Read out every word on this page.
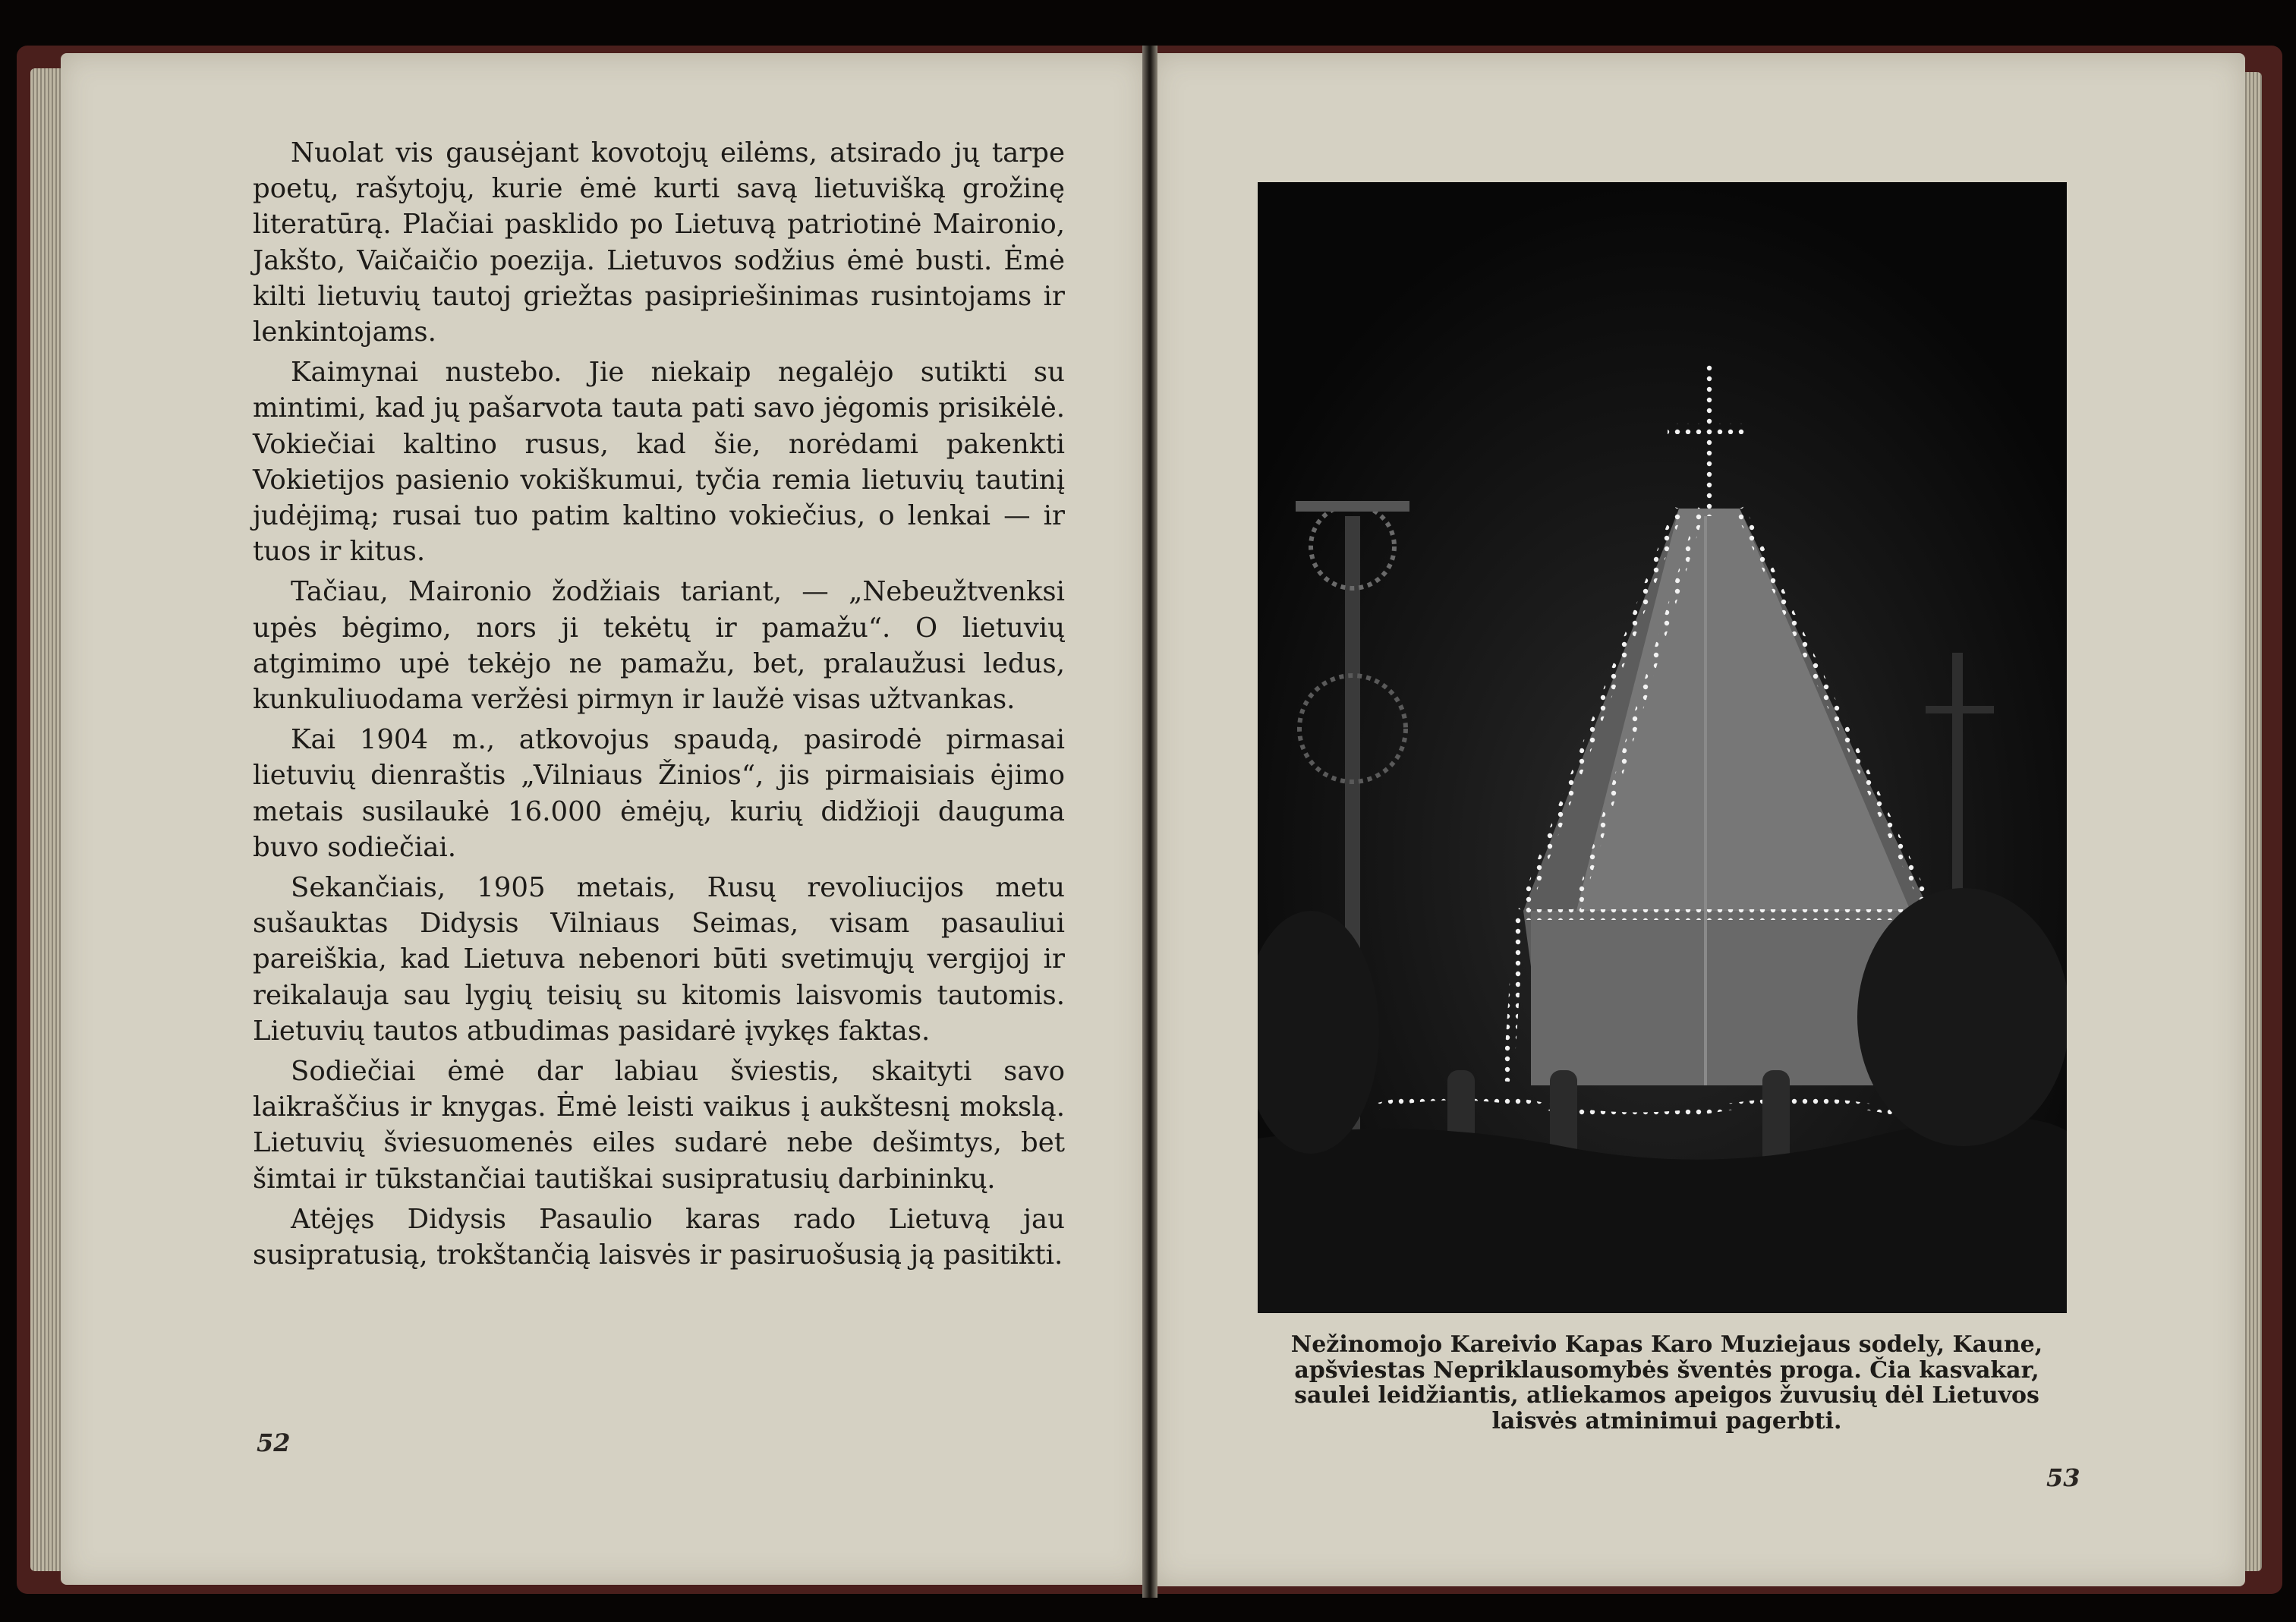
Nuolat vis gausėjant kovotojų eilėms, atsirado jų tarpe poetų, rašytojų, kurie ėmė kurti savą lietuvišką grožinę literatūrą. Plačiai pasklido po Lietuvą patriotinė Maironio, Jakšto, Vaičaičio poezija. Lietuvos sodžius ėmė busti. Ėmė kilti lietuvių tautoj griežtas pasipriešinimas rusintojams ir lenkintojams.

Kaimynai nustebo. Jie niekaip negalėjo sutikti su mintimi, kad jų pašarvota tauta pati savo jėgomis prisikėlė. Vokiečiai kaltino rusus, kad šie, norėdami pakenkti Vokietijos pasienio vokiškumui, tyčia remia lietuvių tautinį judėjimą; rusai tuo patim kaltino vokiečius, o lenkai — ir tuos ir kitus.

Tačiau, Maironio žodžiais tariant, — „Nebeužtvenksi upės bėgimo, nors ji tekėtų ir pamažu“. O lietuvių atgimimo upė tekėjo ne pamažu, bet, pralaužusi ledus, kunkuliuodama veržėsi pirmyn ir laužė visas užtvankas.

Kai 1904 m., atkovojus spaudą, pasirodė pirmasai lietuvių dienraštis „Vilniaus Žinios“, jis pirmaisiais ėjimo metais susilaukė 16.000 ėmėjų, kurių didžioji dauguma buvo sodiečiai.

Sekančiais, 1905 metais, Rusų revoliucijos metu sušauktas Didysis Vilniaus Seimas, visam pasauliui pareiškia, kad Lietuva nebenori būti svetimųjų vergijoj ir reikalauja sau lygių teisių su kitomis laisvomis tautomis. Lietuvių tautos atbudimas pasidarė įvykęs faktas.

Sodiečiai ėmė dar labiau šviestis, skaityti savo laikraščius ir knygas. Ėmė leisti vaikus į aukštesnį mokslą. Lietuvių šviesuomenės eiles sudarė nebe dešimtys, bet šimtai ir tūkstančiai tautiškai susipratusių darbininkų.

Atėjęs Didysis Pasaulio karas rado Lietuvą jau susipratusią, trokštančią laisvės ir pasiruošusią ją pasitikti.

52
Nežinomojo Kareivio Kapas Karo Muziejaus sodely, Kaune, apšviestas Nepriklausomybės šventės proga. Čia kasvakar, saulei leidžiantis, atliekamos apeigos žuvusių dėl Lietuvos laisvės atminimui pagerbti.
53
